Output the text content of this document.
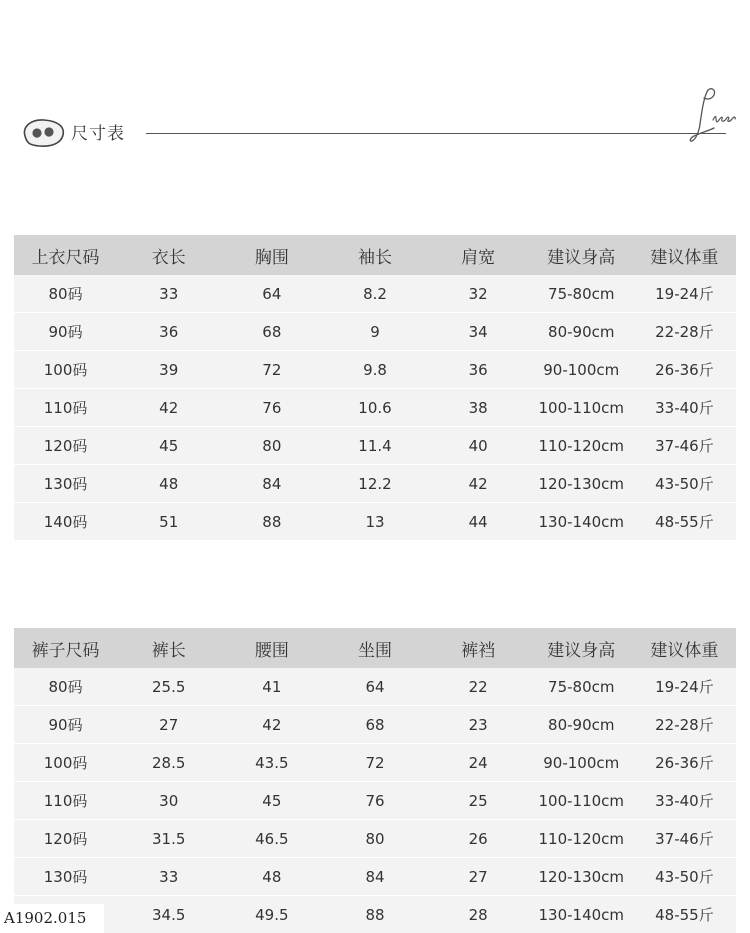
尺寸表
上衣尺码	衣长	胸围	袖长	肩宽	建议身高	建议体重
80码	33	64	8.2	32	75-80cm	19-24斤
90码	36	68	9	34	80-90cm	22-28斤
100码	39	72	9.8	36	90-100cm	26-36斤
110码	42	76	10.6	38	100-110cm	33-40斤
120码	45	80	11.4	40	110-120cm	37-46斤
130码	48	84	12.2	42	120-130cm	43-50斤
140码	51	88	13	44	130-140cm	48-55斤
裤子尺码	裤长	腰围	坐围	裤裆	建议身高	建议体重
80码	25.5	41	64	22	75-80cm	19-24斤
90码	27	42	68	23	80-90cm	22-28斤
100码	28.5	43.5	72	24	90-100cm	26-36斤
110码	30	45	76	25	100-110cm	33-40斤
120码	31.5	46.5	80	26	110-120cm	37-46斤
130码	33	48	84	27	120-130cm	43-50斤
	34.5	49.5	88	28	130-140cm	48-55斤
A1902.015
